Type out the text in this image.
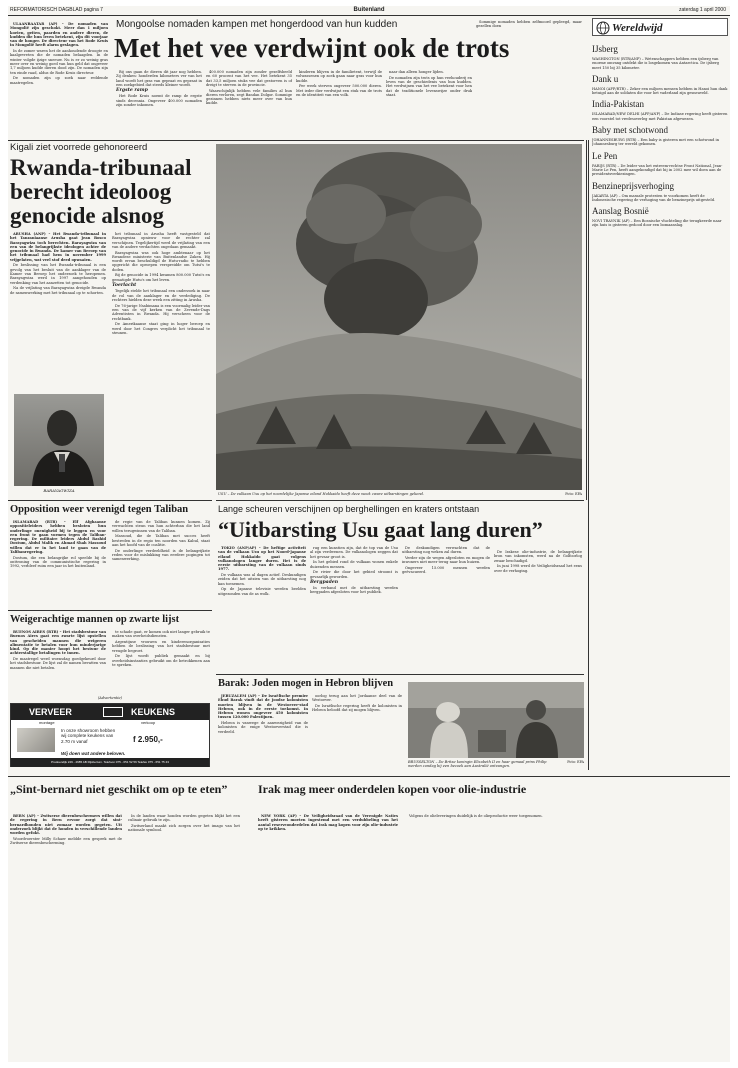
REFORMATORISCH DAGBLAD pagina 7	Buitenland	zaterdag 1 april 2000

ULAANBAATAR (AP) – De nomaden van Mongolië zijn geschokt. Meer dan 1 miljoen koeien, geiten, paarden en andere dieren, de kudden die hun leven betekent, zijn dit voorjaar van de honger. De directeur van het Rode Kruis in Mongolië heeft alarm geslagen.

In de zomer waren het de aanhoudende droogte en kaalgevreten die de nomaden belaagden. In de winter volgde ijzige sneeuw. Nu is er zo weinig gras meer over en weinig goed van hun geld dat ongeveer 1,7 miljoen kudde dieren dood zijn. De nomaden zijn ten einde raad, aldus de Rode Kruis directeur.

De nomaden zijn op zoek naar reddende maatregelen.

Mongoolse nomaden kampen met hongerdood van hun kudden
Met het vee verdwijnt ook de trots

Bij ons gaan de dieren dit jaar nog hebben. Zij denken: honderden kilometers ver van het land wordt het gras van gepraat en gepraat in een zoekgebied dat steeds kleiner wordt.

Ergste ramp

Het Rode Kruis noemt de ramp de ergste sinds decennia. Ongeveer 400.000 nomaden zijn zonder inkomen.

400.000 nomaden zijn zonder gezelfsbeeld en 60 procent van het vee. Het betekent 35 dat 33,5 miljoen stuks vee dat gestorven is of dreigt te sterven in de provincie.

Waarschijnlijk hebben vele families al hun dieren verloren, zegt Bandan Dolgor. Sommige gezinnen hebben niets meer over van hun kudde.

kinderen blijven in de familietent, terwijl de volwassenen op zoek gaan naar gras voor hun kudde.

Per week sterven ongeveer 500.000 dieren. Met ieder dier verdwijnt een stuk van de trots en de identiteit van een volk.

naar dan alleen honger lijden.

De nomaden zijn trots op hun veehouderij en leven van de geschiedenis van hun kudden. Het verdwijnen van het vee betekent voor hen dat de traditionele levenswijze onder druk staat.

Sommige nomaden hebben zelfmoord gepleegd, maar gezellen doen	Wereldwijd
Kigali ziet voorrede gehonoreerd
Rwanda-tribunaal berecht ideoloog genocide alsnog

ARUSHA (ANP) – Het Rwanda-tribunaal in het Tanzaniaanse Arusha gaat Jean Bosco Barayagwiza toch berechten. Barayagwiza van een van de belangrijkste ideologen achter de genocide in Rwanda. De kamer van Beroep van het tribunaal had hem in november 1999 vrijgelaten, wat veel stof deed opwaaien.

De beslissing van het Rwanda-tribunaal is een gevolg van het besluit van de aanklager van de Kamer van Beroep het onderzoek te heropenen. Barayagwiza werd in 1997 aangehouden op verdenking van het aanzetten tot genocide.

Na de vrijlating van Barayagwiza dreigde Rwanda de samenwerking met het tribunaal op te schorten.

BARAYAGWIZA

het tribunaal in Arusha heeft vastgesteld dat Barayagwiza opnieuw voor de rechter zal verschijnen. Tegelijkertijd werd de vrijlating van een van de andere verdachten ongedaan gemaakt.

Barayagwiza was ook hoge ambtenaar op het Rwandese ministerie van Buitenlandse Zaken. Hij wordt ervan beschuldigd de Hutu-radio te hebben opgericht die oproepen verspreidde om Tutsi's te doden.

Bij de genocide in 1994 kwamen 800.000 Tutsi's en gematigde Hutu's om het leven.

Toerlacht

Tegelijk stelde het tribunaal een onderzoek in naar de rol van de aanklager en de verdediging. De rechters hielden deze week een zitting in Arusha.

De 76-jarige Nsabimana is een voormalig leider van een van de vijf kerken van de Zevende-Dags Adventisten in Rwanda. Hij verscheen voor de rechtbank.

De Amerikaanse staat ging in hoger beroep en werd door het Congres verplicht het tribunaal te steunen.

USU – De vulkaan Usu op het noordelijke Japanse eiland Hokkaido heeft deze week zware uitbarstingen gekend.	Foto: EPA
Opposition weer verenigd tegen Taliban

ISLAMABAD (RTR) – Elf Afghaanse oppositieleiders hebben besloten hun onderlinge onenigheid bij te leggen en voor een front te gaan vormen tegen de Taliban-regering. De militaire leiders Abdul Rashid Dostum, Abdul Malik en Ahmad Shah Massoud willen dat er in het land te gaan van de Talibanregering.

Dostum, die een belangrijke rol speelde bij de onttroning van de communistische regering in 1992, verbleef ruim een jaar in het buitenland.

de regie van de Taliban kunnen komen. Zij verwachten steun van hun achterban die het land willen terugwinnen van de Taliban.

Massoud, die de Taliban met succes heeft bestreden in de regio ten noorden van Kabul, staat aan het hoofd van de coalitie.

De onderlinge verdeeldheid is de belangrijkste reden voor de mislukking van eerdere pogingen tot samenwerking.

Weigerachtige mannen op zwarte lijst

BUENOS AIRES (RTR) – Het stadsbestuur van Buenos Aires gaat een zwarte lijst opstellen van gescheiden mannen die weigeren alimentatie te betalen voor hun minderjarige kind. Op die manier hoopt het bestuur de achterstallige betalingen te innen.

De maatregel werd woensdag goedgekeurd door het stadsbestuur. De lijst zal de namen bevatten van mannen die niet betalen.

te schade gaat, er komen ook niet langer gebruik te maken van overheidsdiensten.

Argentijnse vrouwen en kinderenorganisaties hebben de beslissing van het stadsbestuur met vreugde begroet.

De lijst wordt publiek gemaakt en bij overheidsinstanties gebruikt om de betrokkenen aan te spreken.

(Advertentie)
VERVEER	KEUKENS
montage	verkoop
In onze showroom hebben
wij complete keukens van
2.70 m vanaf	f 2.950,-
Wij doen wat andere beloven.
Prodoendijk 229 - 2685 AB Rijsbertum. Telefoon 075 - 651 52 56 Telefax 075 - 651 75 43
Lange scheuren verschijnen op berghellingen en kraters ontstaan
“Uitbarsting Usu gaat lang duren”

TOKIO (ANP/AP) – De heftige activiteit van de vulkaan Usu op het Noord-Japanse eiland Hokkaido gaat volgens vulkanologen langer duren. Het is de eerste uitbarsting van de vulkaan sinds 1977.

De vulkaan was al dagen actief. Deskundigen zeiden dat het uitzien van de uitbarsting nog kan toenemen.

Op de Japanse televisie werden beelden uitgezonden van de as wolk.

rug een kunstien zijn, dat de top van de Usu al zijn verdwenen. De vulkanologen zeggen dat het gevaar groot is.

In het gebied rond de vulkaan wonen enkele duizenden mensen.

De rivier die door het gebied stroomt is gevaarlijk geworden.

Bergpaden

In verband met de uitbarsting werden bergpaden afgesloten voor het publiek.

De deskundigen verwachten dat de uitbarsting nog weken zal duren.

Verder zijn de wegen afgesloten en mogen de inwoners niet meer terug naar hun huizen.

Ongeveer 15.000 mensen werden geëvacueerd.

De Irakese olie-industrie, de belangrijkste bron van inkomsten, werd na de Golfoorlog zwaar beschadigd.

In juni 1998 werd de Veiligheidsraad het eens over de verhoging.

Barak: Joden mogen in Hebron blijven

JERUZALEM (AP) – De Israëlische premier Ehud Barak vindt dat de Joodse kolonisten moeten blijven in de Westoever-stad Hebron, ook in de eerste toekomst. In Hebron wonen ongeveer 450 kolonisten tussen 120.000 Palestijnen.

Hebron is vanwege de aanwezigheid van de kolonisten de enige Westoeverstad die is verdeeld.

oorlog terug aan het Jordaanse deel van de Westoever.

De Israëlische regering heeft de kolonisten in Hebron beloofd dat zij mogen blijven.

BRUSSELTON – De Britse koningin Elizabeth II en haar gemaal prins Philip werden zondag bij een bezoek aan Australië ontvangen.
Foto: EPA
IJsberg

WASHINGTON (RTR/ANP) – Wetenschappers hebben een ijsberg van enorme omvang ontdekt die is losgekomen van Antarctica. De ijsberg meet 150 bij 35 kilometer.

Dank u

HANOI (AFP/RTR) – Zeker een miljoen mensen hebben in Hanoi hun dank betuigd aan de soldaten die voor het vaderland zijn gesneuveld.

India-Pakistan

ISLAMABAD/NEW DELHI (AFP/ANP) – De Indiase regering heeft gisteren een voorstel tot vredesoverleg met Pakistan afgewezen.

Baby met schotwond

JOHANNESBURG (RTR) – Een baby is gisteren met een schotwond in Johannesburg ter wereld gekomen.

Le Pen

PARIJS (RTR) – De leider van het extreem-rechtse Front National, Jean-Marie Le Pen, heeft aangekondigd dat hij in 2002 mee wil doen aan de presidentsverkiezingen.

Benzineprijsverhoging

JAKARTA (AP) – Om massale protesten te voorkomen heeft de Indonesische regering de verhoging van de benzineprijs uitgesteld.

Aanslag Bosnië

NOVI TRAVNIK (AP) – Een Bosnische vluchteling die terugkeerde naar zijn huis is gisteren gedood door een bomaanslag.

„Sint-bernard niet geschikt om op te eten”

BERN (AP) – Zwitserse dierenbeschermers willen dat de regering in Bern ervoor zorgt dat sint-bernardhonden niet zomaar worden gegeten. Uit onderzoek blijkt dat de honden in verschillende landen worden gefokt.

Woordvoerster Milly Schaer meldde een gesprek met de Zwitserse dierenbescherming.

In de landen waar honden worden gegeten blijkt het een culinair gebruik te zijn.

Zwitserland maakt zich zorgen over het imago van het nationale symbool.

Irak mag meer onderdelen kopen voor olie-industrie

NEW YORK (AP) – De Veiligheidsraad van de Verenigde Naties heeft gisteren moeten ingestemd met een verdubbeling van het aantal reserveonderdelen dat Irak mag kopen voor zijn olie-industrie op te krikken.

Volgens de olieleveringen duidelijk is de olieproductie weer toegenomen.
